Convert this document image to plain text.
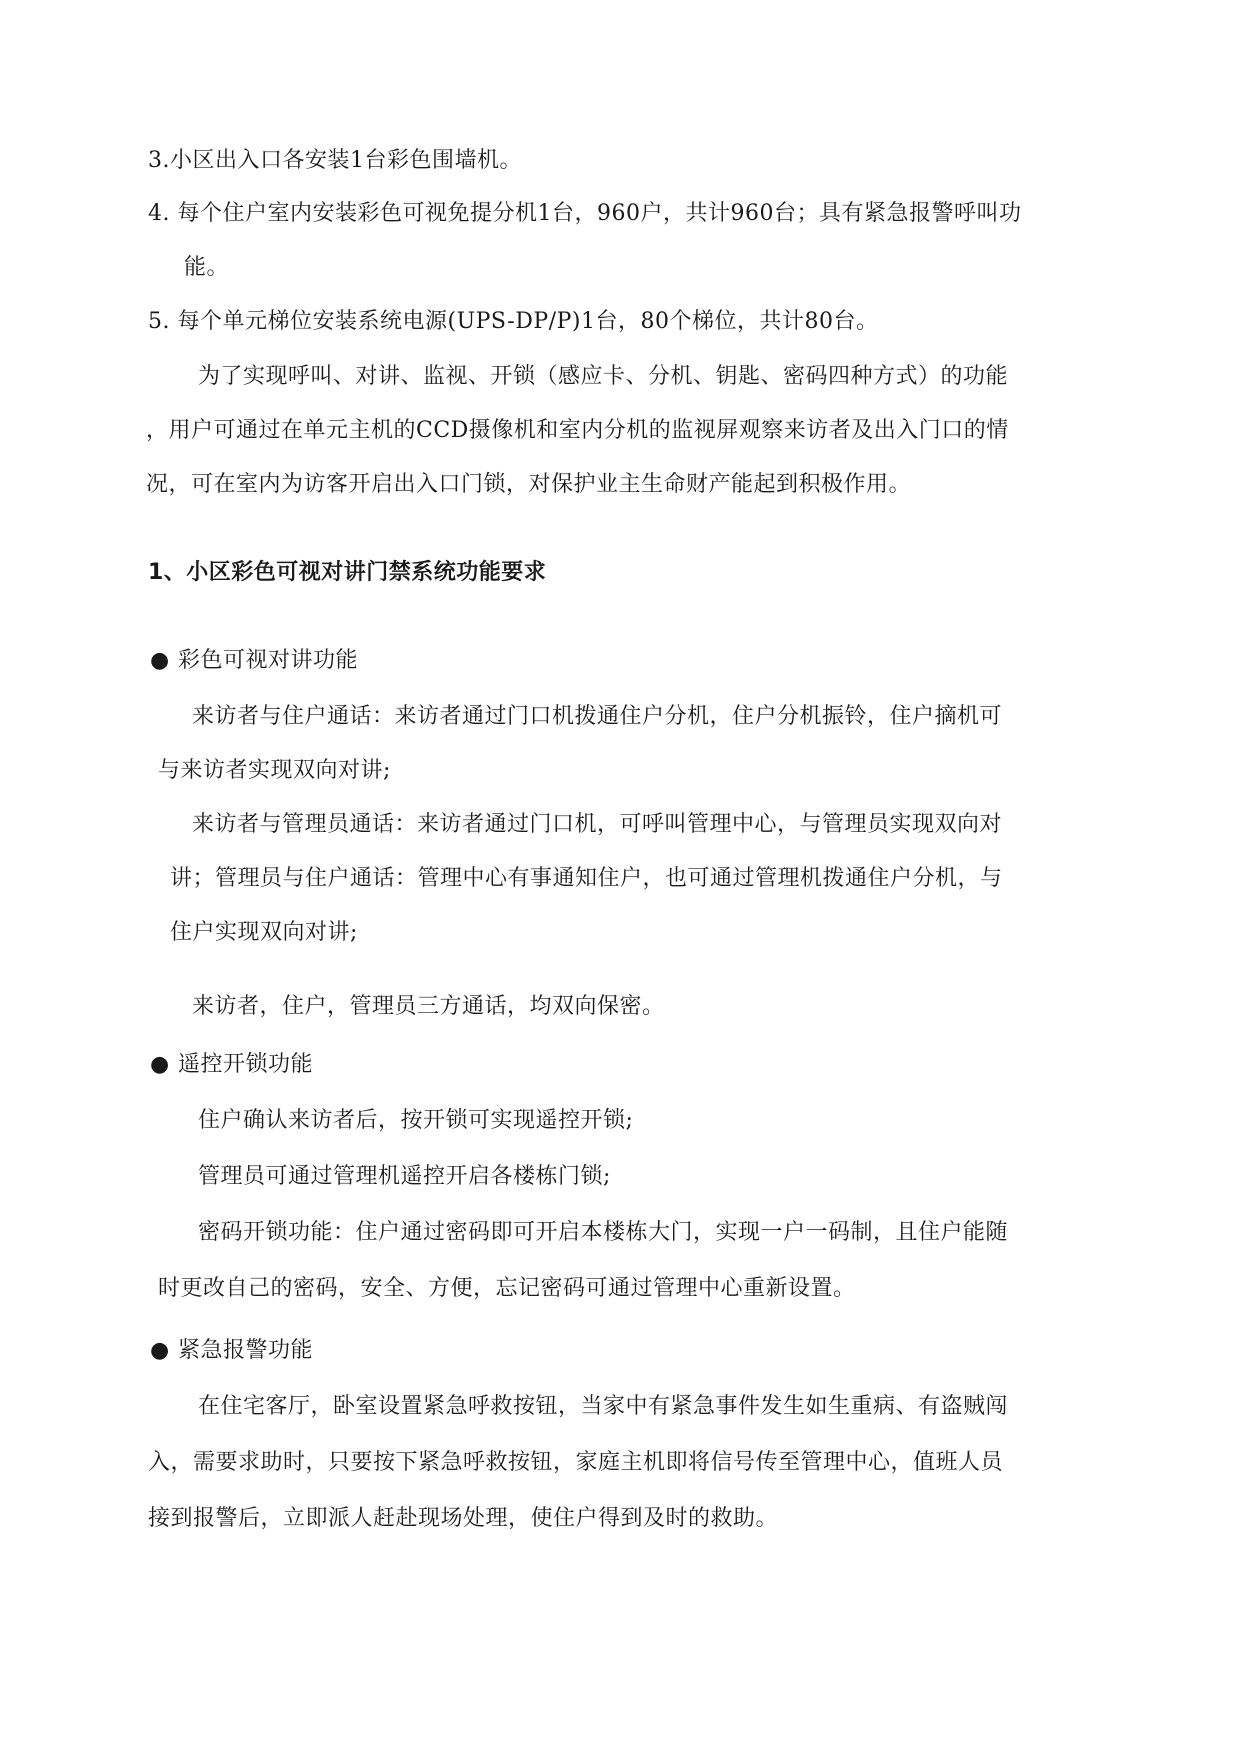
3.小区出入口各安装1台彩色围墙机。
4. 每个住户室内安装彩色可视免提分机1台，960户，共计960台；具有紧急报警呼叫功
能。
5. 每个单元梯位安装系统电源(UPS-DP/P)1台，80个梯位，共计80台。
为了实现呼叫、对讲、监视、开锁（感应卡、分机、钥匙、密码四种方式）的功能
，用户可通过在单元主机的CCD摄像机和室内分机的监视屏观察来访者及出入门口的情
况，可在室内为访客开启出入口门锁，对保护业主生命财产能起到积极作用。
1、小区彩色可视对讲门禁系统功能要求
● 彩色可视对讲功能
来访者与住户通话：来访者通过门口机拨通住户分机，住户分机振铃，住户摘机可
与来访者实现双向对讲;
来访者与管理员通话：来访者通过门口机，可呼叫管理中心，与管理员实现双向对
讲；管理员与住户通话：管理中心有事通知住户，也可通过管理机拨通住户分机，与
住户实现双向对讲;
来访者，住户，管理员三方通话，均双向保密。
● 遥控开锁功能
住户确认来访者后，按开锁可实现遥控开锁;
管理员可通过管理机遥控开启各楼栋门锁;
密码开锁功能：住户通过密码即可开启本楼栋大门，实现一户一码制，且住户能随
时更改自己的密码，安全、方便，忘记密码可通过管理中心重新设置。
● 紧急报警功能
在住宅客厅，卧室设置紧急呼救按钮，当家中有紧急事件发生如生重病、有盗贼闯
入，需要求助时，只要按下紧急呼救按钮，家庭主机即将信号传至管理中心，值班人员
接到报警后，立即派人赶赴现场处理，使住户得到及时的救助。
